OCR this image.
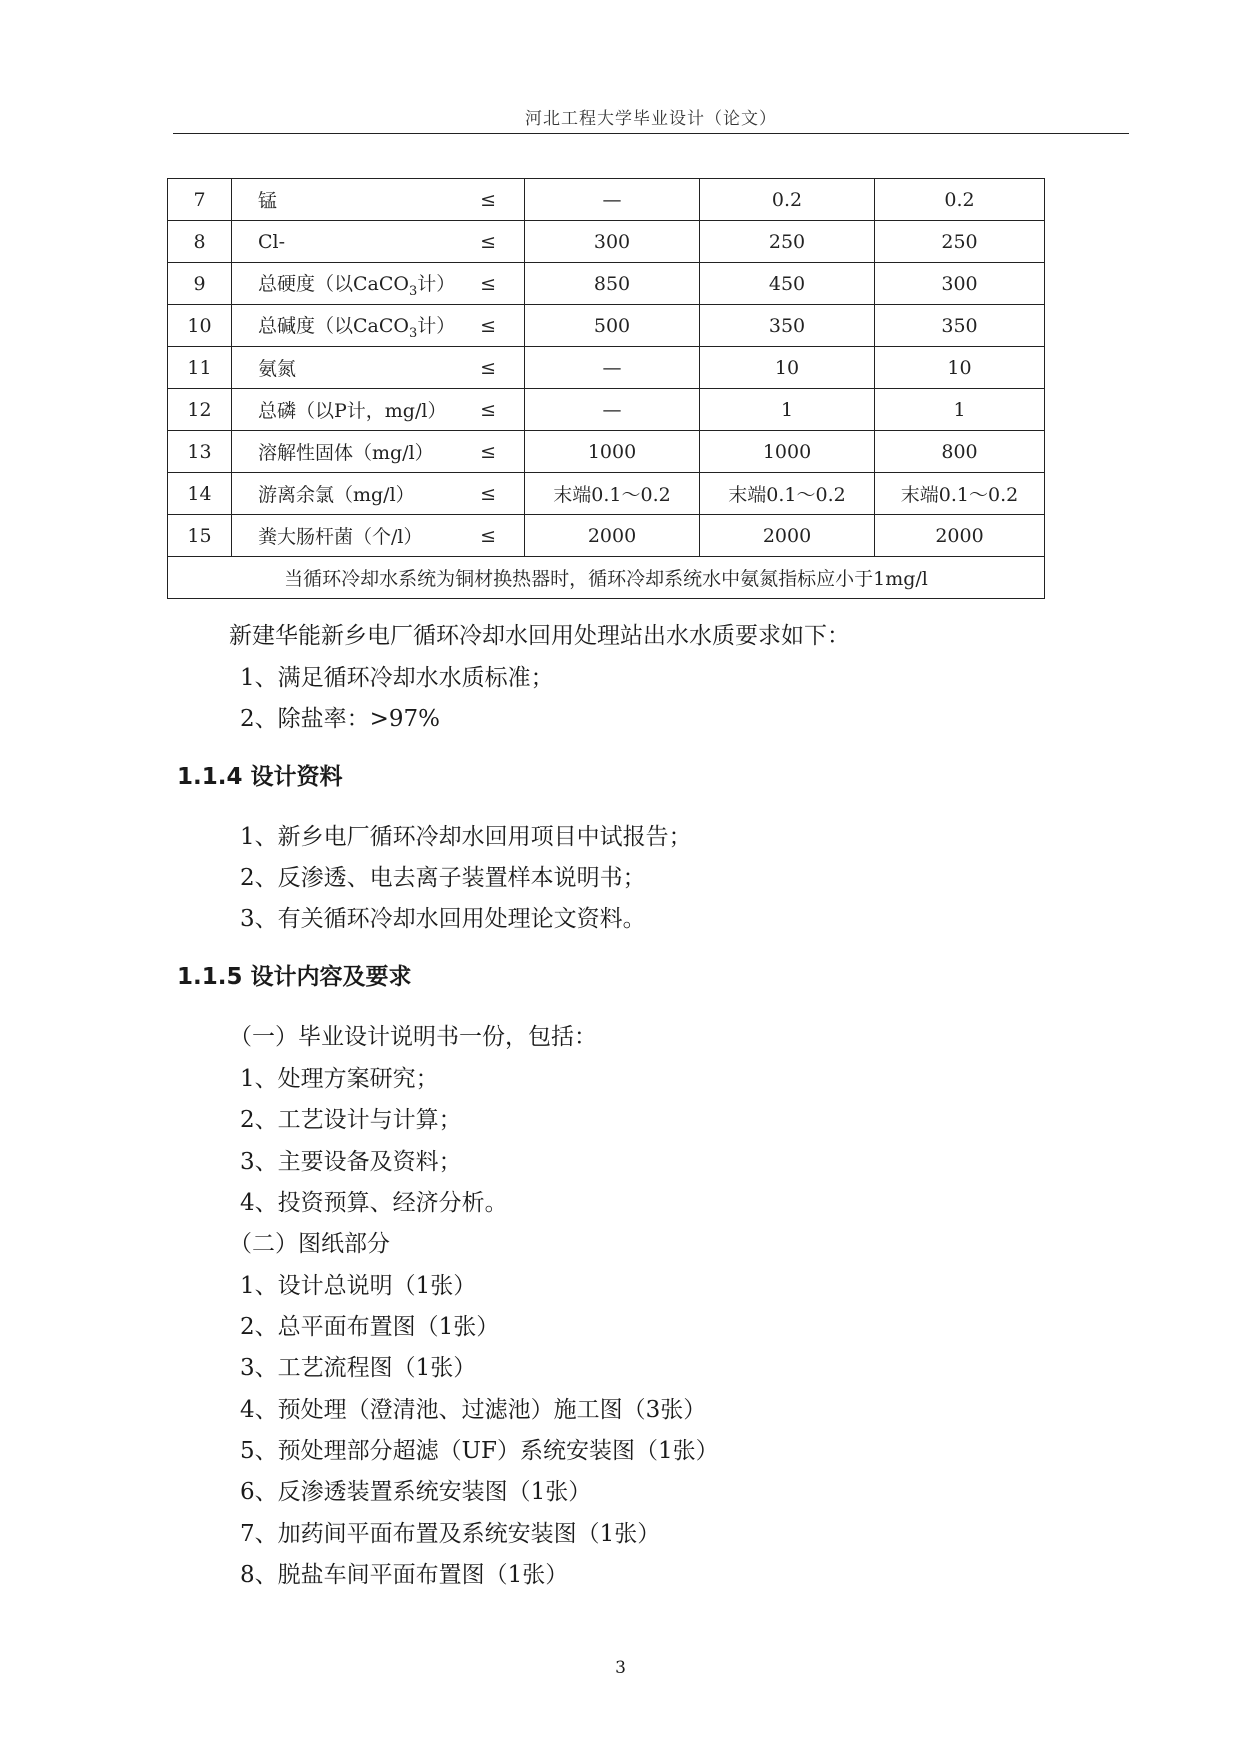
河北工程大学毕业设计（论文）
7	锰 ≤	—	0.2	0.2
8	Cl- ≤	300	250	250
9	总硬度（以CaCO$_3$计） ≤	850	450	300
10	总碱度（以CaCO$_3$计） ≤	500	350	350
11	氨氮 ≤	—	10	10
12	总磷（以P计，mg/l） ≤	—	1	1
13	溶解性固体（mg/l） ≤	1000	1000	800
14	游离余氯（mg/l） ≤	末端0.1～0.2	末端0.1～0.2	末端0.1～0.2
15	粪大肠杆菌（个/l） ≤	2000	2000	2000
当循环冷却水系统为铜材换热器时，循环冷却系统水中氨氮指标应小于1mg/l				
新建华能新乡电厂循环冷却水回用处理站出水水质要求如下：
1、满足循环冷却水水质标准；
2、除盐率：>97%
1.1.4 设计资料
1、新乡电厂循环冷却水回用项目中试报告；
2、反渗透、电去离子装置样本说明书；
3、有关循环冷却水回用处理论文资料。
1.1.5 设计内容及要求
（一）毕业设计说明书一份，包括：
1、处理方案研究；
2、工艺设计与计算；
3、主要设备及资料；
4、投资预算、经济分析。
（二）图纸部分
1、设计总说明（1张）
2、总平面布置图（1张）
3、工艺流程图（1张）
4、预处理（澄清池、过滤池）施工图（3张）
5、预处理部分超滤（UF）系统安装图（1张）
6、反渗透装置系统安装图（1张）
7、加药间平面布置及系统安装图（1张）
8、脱盐车间平面布置图（1张）
3
